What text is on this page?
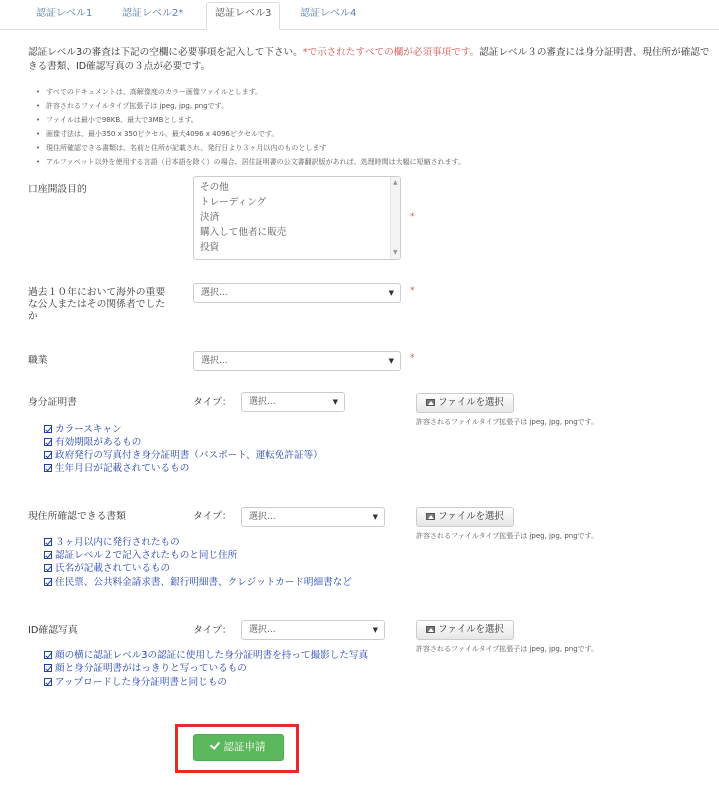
認証レベル1	認証レベル2*	認証レベル3	認証レベル4
認証レベル3の審査は下記の空欄に必要事項を記入して下さい。*で示されたすべての欄が必須事項です。認証レベル３の審査には身分証明書、現住所が確認できる書類、ID確認写真の３点が必要です。
• すべてのドキュメントは、高解像度のカラー画像ファイルとします。
• 許容されるファイルタイプ拡張子は jpeg, jpg, pngです。
• ファイルは最小で98KB、最大で3MBとします。
• 画像寸法は、最小350 x 350ピクセル、最大4096 x 4096ピクセルです。
• 現住所確認できる書類は、名前と住所が記載され、発行日より３ヶ月以内のものとします
• アルファベット以外を使用する言語（日本語を除く）の場合、居住証明書の公文書翻訳版があれば、処理時間は大幅に短縮されます。
口座開設目的	その他
トレーディング
決済
購入して他者に販売
投資
▲
▼
*
過去１０年において海外の重要
な公人またはその関係者でした
か
選択...	▼ *
職業	選択...	▼ *
身分証明書	タイプ：	選択...	▼	ファイルを選択
許容されるファイルタイプ拡張子は jpeg, jpg, pngです。
カラースキャン
有効期限があるもの
政府発行の写真付き身分証明書（パスポート、運転免許証等）
生年月日が記載されているもの
現住所確認できる書類	タイプ：	選択...	▼	ファイルを選択
許容されるファイルタイプ拡張子は jpeg, jpg, pngです。
３ヶ月以内に発行されたもの
認証レベル２で記入されたものと同じ住所
氏名が記載されているもの
住民票、公共料金請求書、銀行明細書、クレジットカード明細書など
ID確認写真	タイプ：	選択...	▼	ファイルを選択
許容されるファイルタイプ拡張子は jpeg, jpg, pngです。
顔の横に認証レベル3の認証に使用した身分証明書を持って撮影した写真
顔と身分証明書がはっきりと写っているもの
アップロードした身分証明書と同じもの
認証申請
